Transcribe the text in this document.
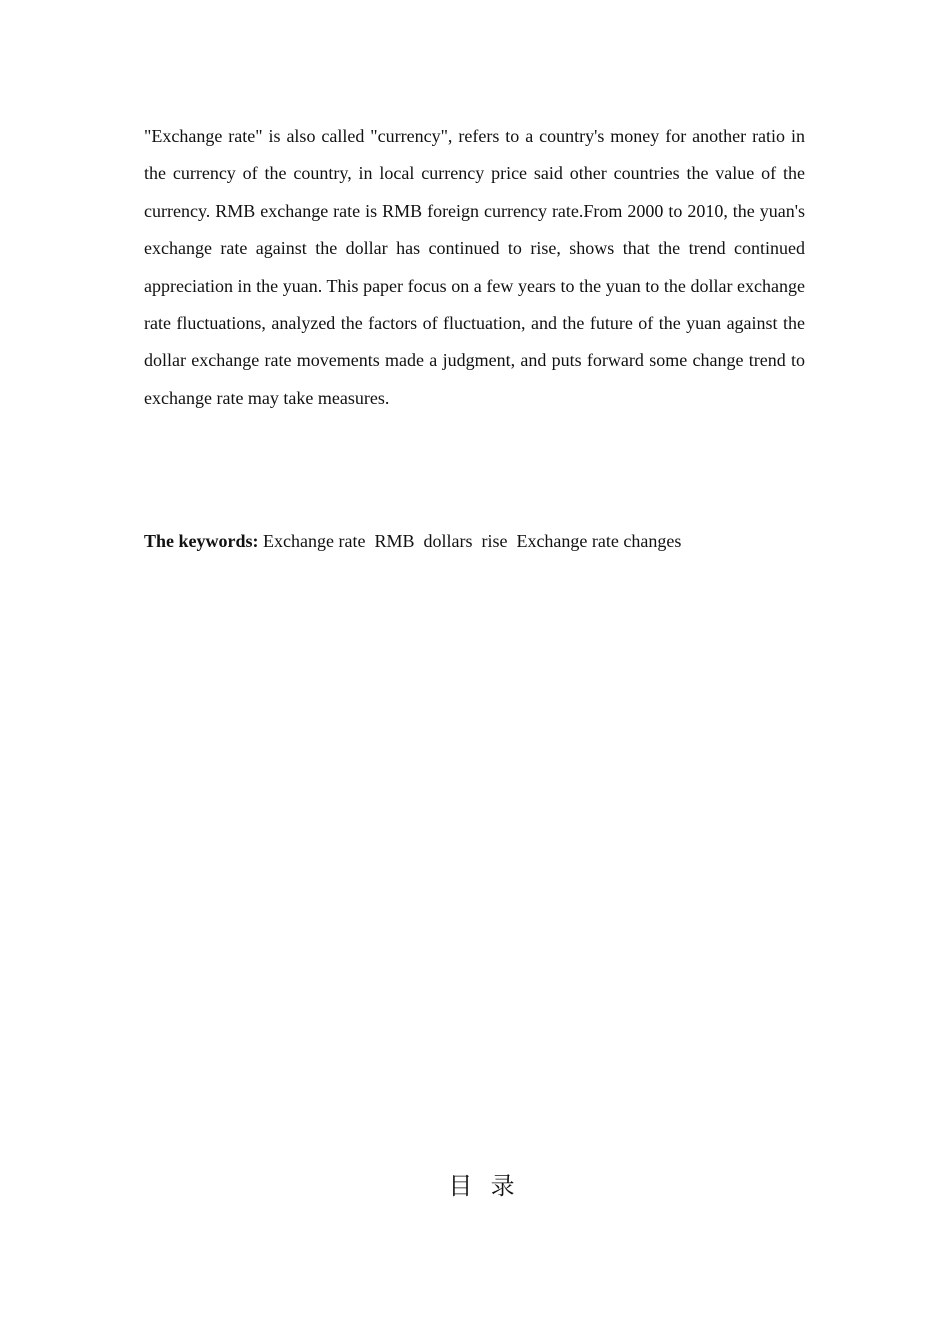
"Exchange rate" is also called "currency", refers to a country's money for another ratio in the currency of the country, in local currency price said other countries the value of the currency. RMB exchange rate is RMB foreign currency rate.From 2000 to 2010, the yuan's exchange rate against the dollar has continued to rise, shows that the trend continued appreciation in the yuan. This paper focus on a few years to the yuan to the dollar exchange rate fluctuations, analyzed the factors of fluctuation, and the future of the yuan against the dollar exchange rate movements made a judgment, and puts forward some change trend to exchange rate may take measures.

The keywords: Exchange rate  RMB  dollars  rise  Exchange rate changes

目  录
